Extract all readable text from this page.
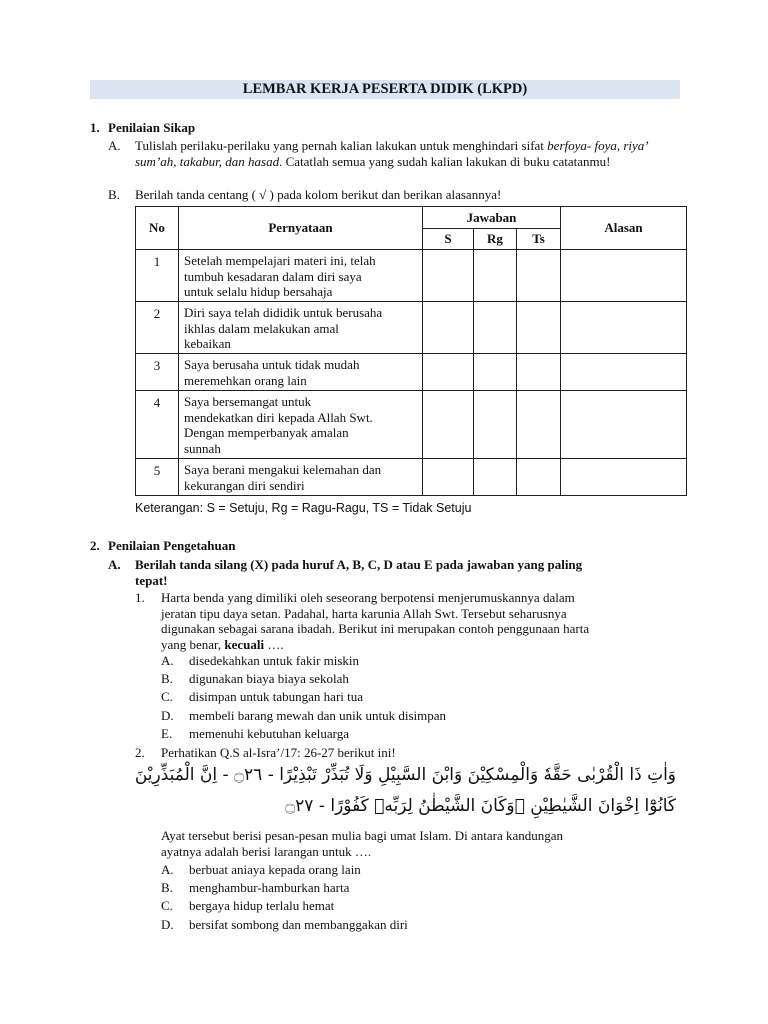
LEMBAR KERJA PESERTA DIDIK (LKPD)
1. Penilaian Sikap
A. Tulislah perilaku-perilaku yang pernah kalian lakukan untuk menghindari sifat berfoya- foya, riya’ sum’ah, takabur, dan hasad. Catatlah semua yang sudah kalian lakukan di buku catatanmu!
B. Berilah tanda centang ( √ ) pada kolom berikut dan berikan alasannya!
No	Pernyataan	Jawaban			Alasan
		S	Rg	Ts	
1	Setelah mempelajari materi ini, telah
tumbuh kesadaran dalam diri saya
untuk selalu hidup bersahaja				

2	Diri saya telah dididik untuk berusaha
ikhlas dalam melakukan amal
kebaikan				

3	Saya berusaha untuk tidak mudah
meremehkan orang lain				

4	Saya bersemangat untuk
mendekatkan diri kepada Allah Swt.
Dengan memperbanyak amalan
sunnah				

5	Saya berani mengakui kelemahan dan
kekurangan diri sendiri				

Keterangan: S = Setuju, Rg = Ragu-Ragu, TS = Tidak Setuju
2. Penilaian Pengetahuan
A. Berilah tanda silang (X) pada huruf A, B, C, D atau E pada jawaban yang paling
tepat!
1. Harta benda yang dimiliki oleh seseorang berpotensi menjerumuskannya dalam
jeratan tipu daya setan. Padahal, harta karunia Allah Swt. Tersebut seharusnya
digunakan sebagai sarana ibadah. Berikut ini merupakan contoh penggunaan harta
yang benar, kecuali ….
A. disedekahkan untuk fakir miskin
B. digunakan biaya biaya sekolah
C. disimpan untuk tabungan hari tua
D. membeli barang mewah dan unik untuk disimpan
E. memenuhi kebutuhan keluarga
2. Perhatikan Q.S al-Isra’/17: 26-27 berikut ini!
وَاٰتِ ذَا الْقُرْبٰى حَقَّهٗ وَالْمِسْكِيْنَ وَابْنَ السَّبِيْلِ وَلَا تُبَذِّرْ تَبْذِيْرًا - ۝٢٦ - اِنَّ الْمُبَذِّرِيْنَ
كَانُوْٓا اِخْوَانَ الشَّيٰطِيْنِ ۗوَكَانَ الشَّيْطٰنُ لِرَبِّهٖ كَفُوْرًا - ۝٢٧
Ayat tersebut berisi pesan-pesan mulia bagi umat Islam. Di antara kandungan
ayatnya adalah berisi larangan untuk ….
A. berbuat aniaya kepada orang lain
B. menghambur-hamburkan harta
C. bergaya hidup terlalu hemat
D. bersifat sombong dan membanggakan diri
